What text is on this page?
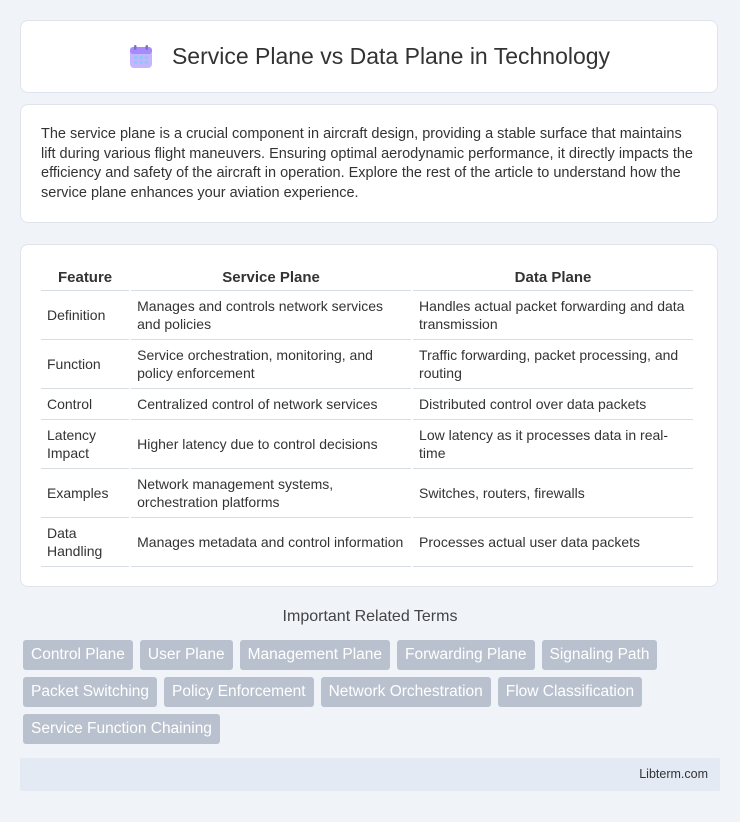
Service Plane vs Data Plane in Technology
The service plane is a crucial component in aircraft design, providing a stable surface that maintains lift during various flight maneuvers. Ensuring optimal aerodynamic performance, it directly impacts the efficiency and safety of the aircraft in operation. Explore the rest of the article to understand how the service plane enhances your aviation experience.
Feature	Service Plane	Data Plane
Definition	Manages and controls network services and policies	Handles actual packet forwarding and data transmission
Function	Service orchestration, monitoring, and policy enforcement	Traffic forwarding, packet processing, and routing
Control	Centralized control of network services	Distributed control over data packets
Latency Impact	Higher latency due to control decisions	Low latency as it processes data in real-time
Examples	Network management systems, orchestration platforms	Switches, routers, firewalls
Data Handling	Manages metadata and control information	Processes actual user data packets
Important Related Terms
Control Plane	User Plane	Management Plane	Forwarding Plane	Signaling Path
Packet Switching	Policy Enforcement	Network Orchestration	Flow Classification
Service Function Chaining
Libterm.com
